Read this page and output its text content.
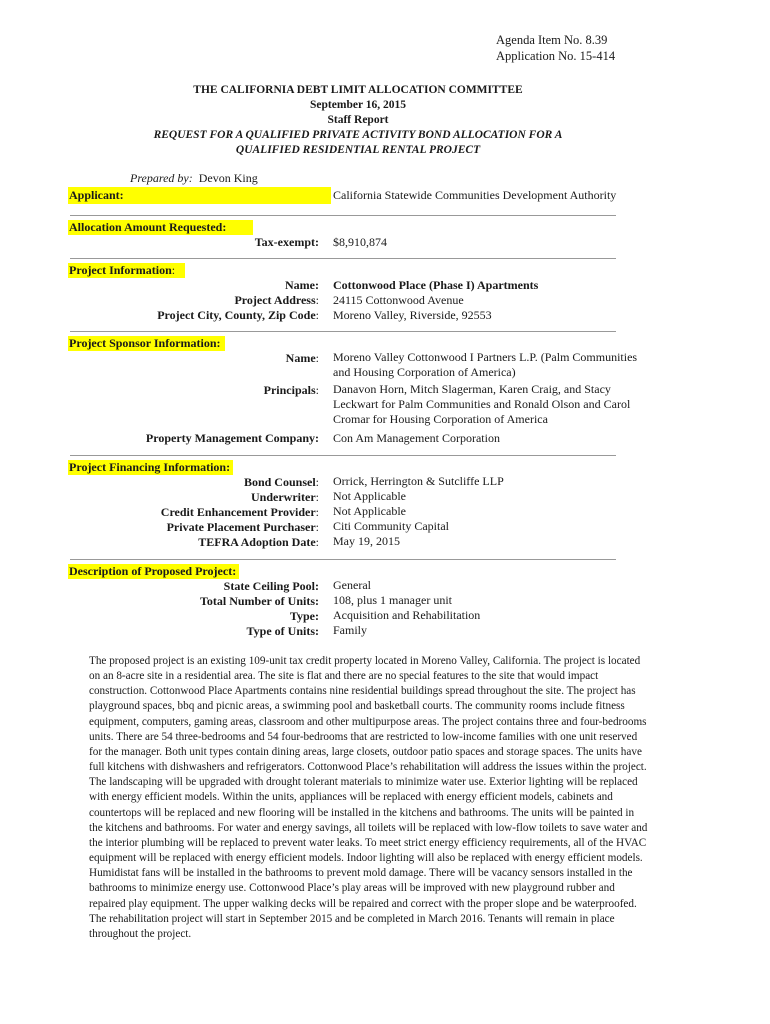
Agenda Item No. 8.39
Application No. 15-414
THE CALIFORNIA DEBT LIMIT ALLOCATION COMMITTEE
September 16, 2015
Staff Report
REQUEST FOR A QUALIFIED PRIVATE ACTIVITY BOND ALLOCATION FOR A
QUALIFIED RESIDENTIAL RENTAL PROJECT
Prepared by: Devon King
Applicant:	California Statewide Communities Development Authority
Allocation Amount Requested:
Tax-exempt: $8,910,874
Project Information:
Name: Cottonwood Place (Phase I) Apartments
Project Address: 24115 Cottonwood Avenue
Project City, County, Zip Code: Moreno Valley, Riverside, 92553
Project Sponsor Information:
Name: Moreno Valley Cottonwood I Partners L.P. (Palm Communities and Housing Corporation of America)
Principals: Danavon Horn, Mitch Slagerman, Karen Craig, and Stacy Leckwart for Palm Communities and Ronald Olson and Carol Cromar for Housing Corporation of America
Property Management Company: Con Am Management Corporation
Project Financing Information:
Bond Counsel: Orrick, Herrington & Sutcliffe LLP
Underwriter: Not Applicable
Credit Enhancement Provider: Not Applicable
Private Placement Purchaser: Citi Community Capital
TEFRA Adoption Date: May 19, 2015
Description of Proposed Project:
State Ceiling Pool: General
Total Number of Units: 108, plus 1 manager unit
Type: Acquisition and Rehabilitation
Type of Units: Family
The proposed project is an existing 109-unit tax credit property located in Moreno Valley, California. The project is located on an 8-acre site in a residential area. The site is flat and there are no special features to the site that would impact construction. Cottonwood Place Apartments contains nine residential buildings spread throughout the site. The project has playground spaces, bbq and picnic areas, a swimming pool and basketball courts. The community rooms include fitness equipment, computers, gaming areas, classroom and other multipurpose areas. The project contains three and four-bedrooms units. There are 54 three-bedrooms and 54 four-bedrooms that are restricted to low-income families with one unit reserved for the manager. Both unit types contain dining areas, large closets, outdoor patio spaces and storage spaces. The units have full kitchens with dishwashers and refrigerators. Cottonwood Place’s rehabilitation will address the issues within the project. The landscaping will be upgraded with drought tolerant materials to minimize water use. Exterior lighting will be replaced with energy efficient models. Within the units, appliances will be replaced with energy efficient models, cabinets and countertops will be replaced and new flooring will be installed in the kitchens and bathrooms. The units will be painted in the kitchens and bathrooms. For water and energy savings, all toilets will be replaced with low-flow toilets to save water and the interior plumbing will be replaced to prevent water leaks. To meet strict energy efficiency requirements, all of the HVAC equipment will be replaced with energy efficient models. Indoor lighting will also be replaced with energy efficient models. Humidistat fans will be installed in the bathrooms to prevent mold damage. There will be vacancy sensors installed in the bathrooms to minimize energy use. Cottonwood Place’s play areas will be improved with new playground rubber and repaired play equipment. The upper walking decks will be repaired and correct with the proper slope and be waterproofed. The rehabilitation project will start in September 2015 and be completed in March 2016. Tenants will remain in place throughout the project.
